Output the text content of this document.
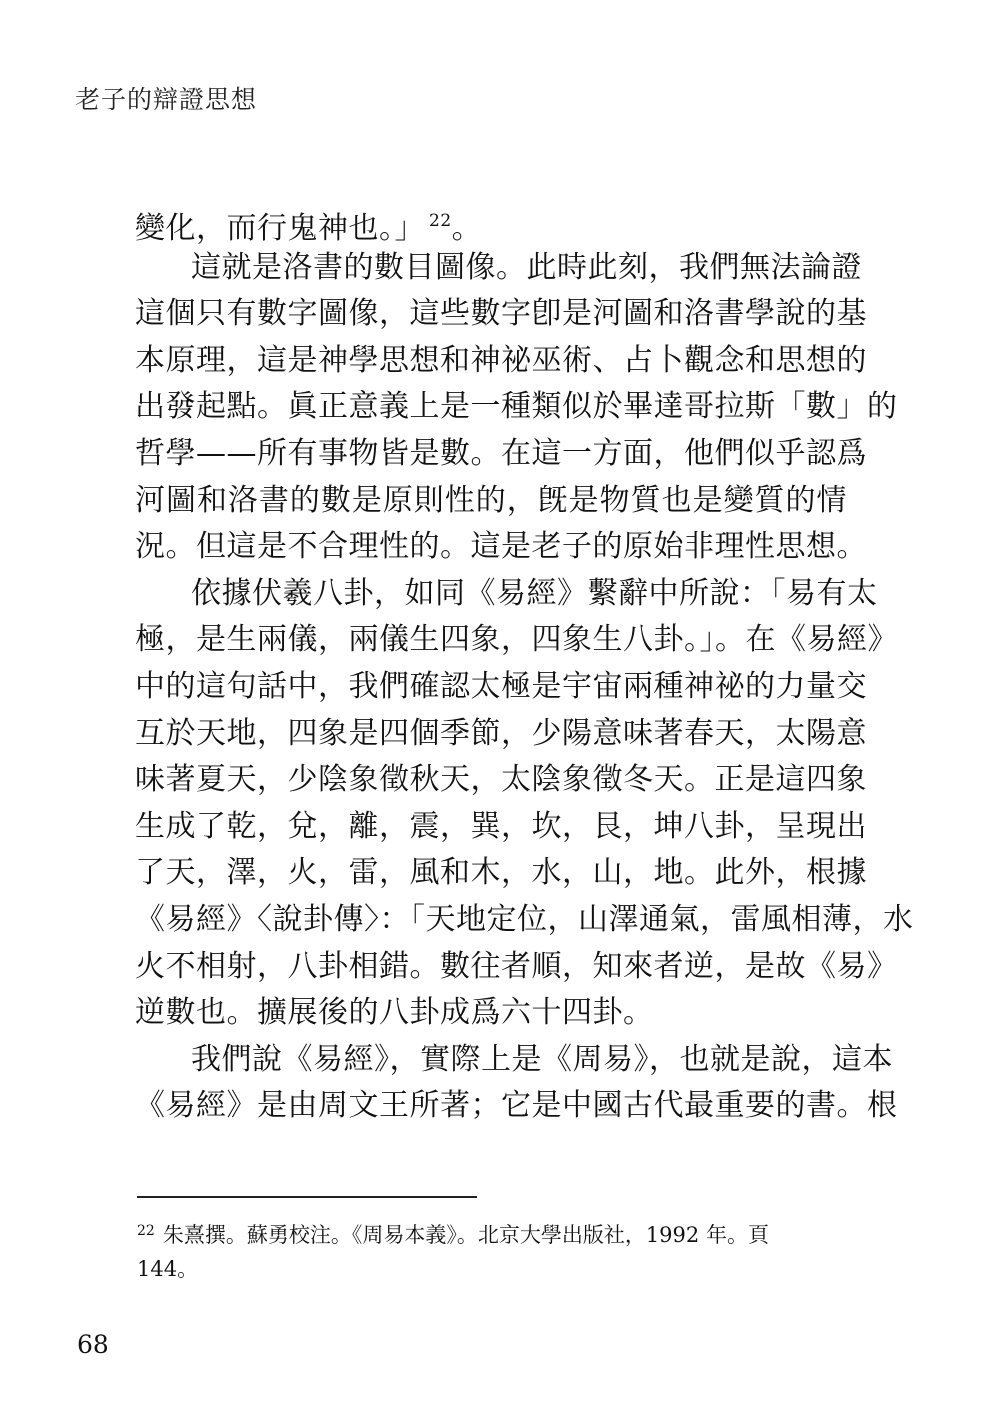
老子的辯證思想
變化，而行鬼神也。」 $^{22}$。
這就是洛書的數目圖像。此時此刻，我們無法論證
這個只有數字圖像，這些數字卽是河圖和洛書學說的基
本原理，這是神學思想和神祕巫術、占卜觀念和思想的
出發起點。眞正意義上是一種類似於畢達哥拉斯「數」的
哲學——所有事物皆是數。在這一方面，他們似乎認爲
河圖和洛書的數是原則性的，旣是物質也是變質的情
況。但這是不合理性的。這是老子的原始非理性思想。
依據伏羲八卦，如同《易經》繫辭中所說：「易有太
極，是生兩儀，兩儀生四象，四象生八卦。」。在《易經》
中的這句話中，我們確認太極是宇宙兩種神祕的力量交
互於天地，四象是四個季節，少陽意味著春天，太陽意
味著夏天，少陰象徵秋天，太陰象徵冬天。正是這四象
生成了乾，兌，離，震，巽，坎，艮，坤八卦，呈現出
了天，澤，火，雷，風和木，水，山，地。此外，根據
《易經》〈說卦傳〉：「天地定位，山澤通氣，雷風相薄，水
火不相射，八卦相錯。數往者順，知來者逆，是故《易》
逆數也。擴展後的八卦成爲六十四卦。
我們說《易經》，實際上是《周易》，也就是說，這本
《易經》是由周文王所著；它是中國古代最重要的書。根
$^{22}$ 朱熹撰。蘇勇校注。《周易本義》。北京大學出版社，1992 年。頁
144。
68
